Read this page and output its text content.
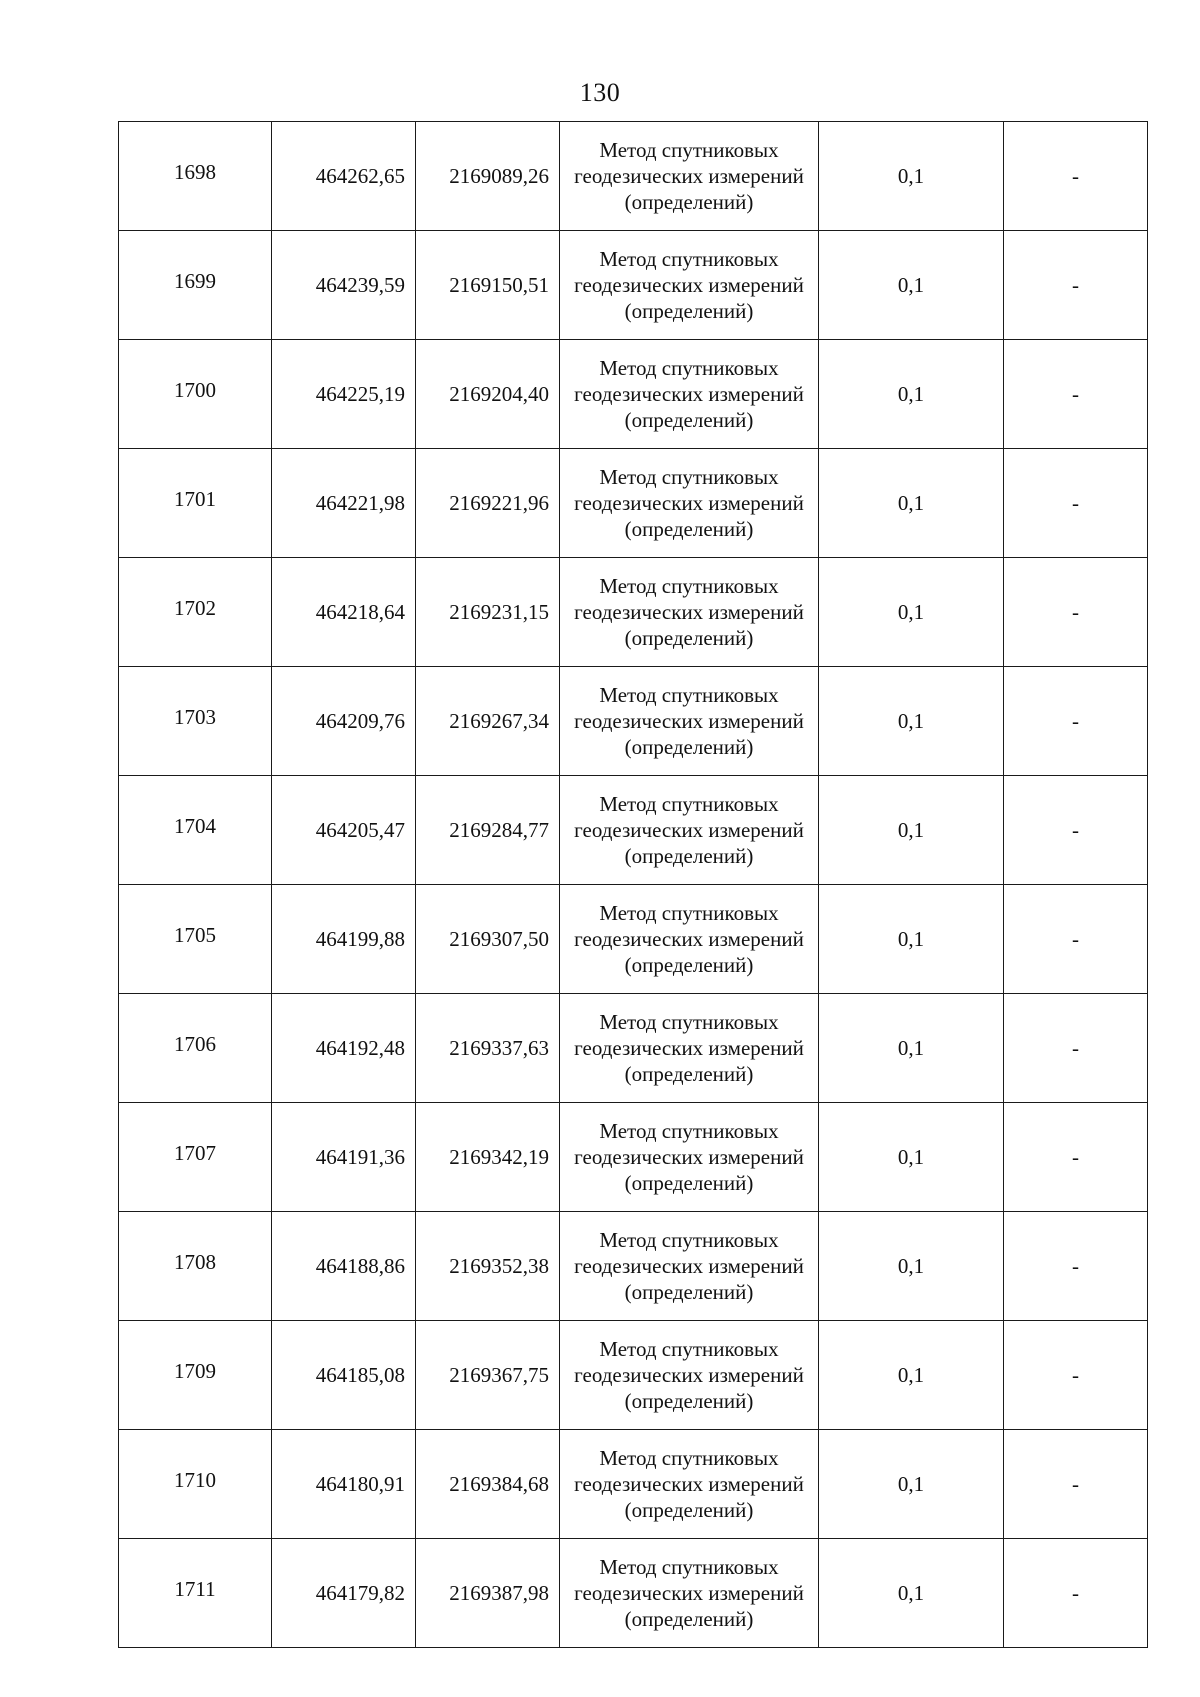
130
1698	464262,65	2169089,26	Метод спутниковых
геодезических измерений
(определений)	0,1	-
1699	464239,59	2169150,51	Метод спутниковых
геодезических измерений
(определений)	0,1	-
1700	464225,19	2169204,40	Метод спутниковых
геодезических измерений
(определений)	0,1	-
1701	464221,98	2169221,96	Метод спутниковых
геодезических измерений
(определений)	0,1	-
1702	464218,64	2169231,15	Метод спутниковых
геодезических измерений
(определений)	0,1	-
1703	464209,76	2169267,34	Метод спутниковых
геодезических измерений
(определений)	0,1	-
1704	464205,47	2169284,77	Метод спутниковых
геодезических измерений
(определений)	0,1	-
1705	464199,88	2169307,50	Метод спутниковых
геодезических измерений
(определений)	0,1	-
1706	464192,48	2169337,63	Метод спутниковых
геодезических измерений
(определений)	0,1	-
1707	464191,36	2169342,19	Метод спутниковых
геодезических измерений
(определений)	0,1	-
1708	464188,86	2169352,38	Метод спутниковых
геодезических измерений
(определений)	0,1	-
1709	464185,08	2169367,75	Метод спутниковых
геодезических измерений
(определений)	0,1	-
1710	464180,91	2169384,68	Метод спутниковых
геодезических измерений
(определений)	0,1	-
1711	464179,82	2169387,98	Метод спутниковых
геодезических измерений
(определений)	0,1	-
